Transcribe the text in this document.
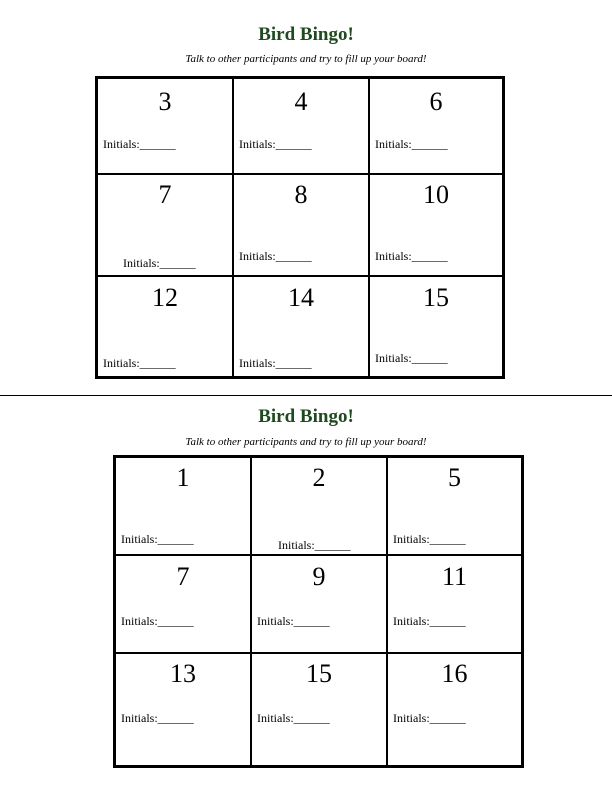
Bird Bingo!
Talk to other participants and try to fill up your board!
3
Initials:______
4
Initials:______
6
Initials:______
7
Initials:______
8
Initials:______
10
Initials:______
12
Initials:______
14
Initials:______
15
Initials:______
Bird Bingo!
Talk to other participants and try to fill up your board!
1
Initials:______
2
Initials:______
5
Initials:______
7
Initials:______
9
Initials:______
11
Initials:______
13
Initials:______
15
Initials:______
16
Initials:______
